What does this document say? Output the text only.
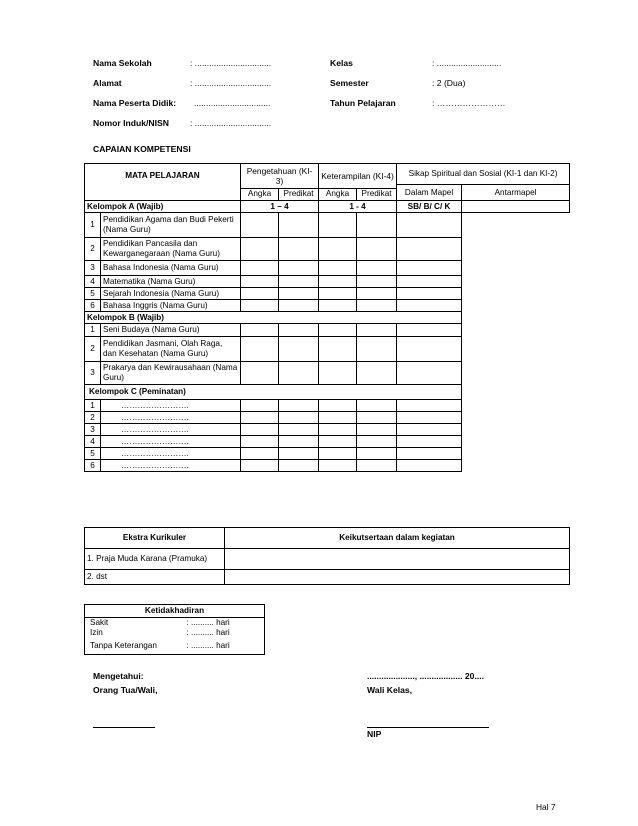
Nama Sekolah	: ................................
Alamat	: ................................
Nama Peserta Didik: ................................
Nomor Induk/NISN : ................................
Kelas	: ...........................
Semester	: 2 (Dua)
Tahun Pelajaran	: ……………………
CAPAIAN KOMPETENSI
MATA PELAJARAN		Pengetahuan (KI-3)		Keterampilan (KI-4)		Sikap Spiritual dan Sosial (KI-1 dan KI-2)	
						Dalam Mapel	Antarmapel
		Angka	Predikat	Angka	Predikat		
Kelompok A (Wajib)		1 – 4		1 - 4		SB/ B/ C/ K	
1	Pendidikan Agama dan Budi Pekerti (Nama Guru)						
2	Pendidikan Pancasila dan Kewarganegaraan (Nama Guru)						
3	Bahasa Indonesia (Nama Guru)						
4	Matematika (Nama Guru)						
5	Sejarah Indonesia (Nama Guru)						
6	Bahasa Inggris (Nama Guru)						
Kelompok B (Wajib)							
1	Seni Budaya (Nama Guru)						
2	Pendidikan Jasmani, Olah Raga, dan Kesehatan (Nama Guru)						
3	Prakarya dan Kewirausahaan (Nama Guru)						
Kelompok C (Peminatan)							
1	…………………….						
2	…………………….						
3	…………………….						
4	…………………….						
5	…………………….						
6	…………………….						
Ekstra Kurikuler	Keikutsertaan dalam kegiatan
1. Praja Muda Karana (Pramuka)	
2. dst	
Ketidakhadiran	
Sakit	: .......... hari
Izin	: .......... hari
Tanpa Keterangan	: .......... hari
Mengetahui:
Orang Tua/Wali,
...................., .................. 20....
Wali Kelas,
NIP
Hal 7
